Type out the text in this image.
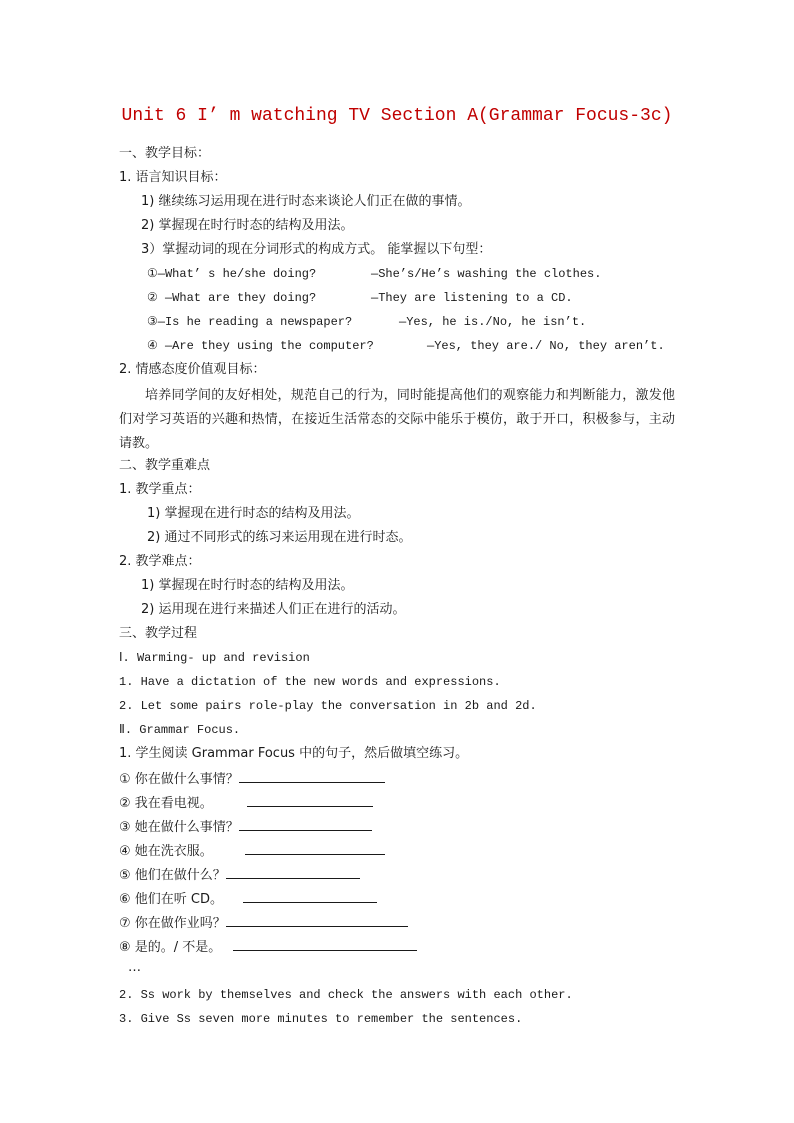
Unit 6 I’ m watching TV Section A(Grammar Focus-3c)
一、教学目标：
1. 语言知识目标：
1) 继续练习运用现在进行时态来谈论人们正在做的事情。
2) 掌握现在时行时态的结构及用法。
3）掌握动词的现在分词形式的构成方式。 能掌握以下句型：
①—What’ s he/she doing?	—She’s/He’s washing the clothes.
② —What are they doing?	—They are listening to a CD.
③—Is he reading a newspaper?	—Yes, he is./No, he isn’t.
④ —Are they using the computer?	—Yes, they are./ No, they aren’t.
2. 情感态度价值观目标：
培养同学间的友好相处，规范自己的行为，同时能提高他们的观察能力和判断能力，激发他们对学习英语的兴趣和热情，在接近生活常态的交际中能乐于模仿，敢于开口，积极参与，主动请教。
二、教学重难点
1. 教学重点：
1) 掌握现在进行时态的结构及用法。
2) 通过不同形式的练习来运用现在进行时态。
2. 教学难点：
1) 掌握现在时行时态的结构及用法。
2) 运用现在进行来描述人们正在进行的活动。
三、教学过程
Ⅰ. Warming- up and revision
1. Have a dictation of the new words and expressions.
2. Let some pairs role-play the conversation in 2b and 2d.
Ⅱ. Grammar Focus.
1. 学生阅读 Grammar Focus 中的句子，然后做填空练习。
① 你在做什么事情？
② 我在看电视。
③ 她在做什么事情？
④ 她在洗衣服。
⑤ 他们在做什么？
⑥ 他们在听 CD。
⑦ 你在做作业吗？
⑧ 是的。/ 不是。
…
2. Ss work by themselves and check the answers with each other.
3. Give Ss seven more minutes to remember the sentences.
